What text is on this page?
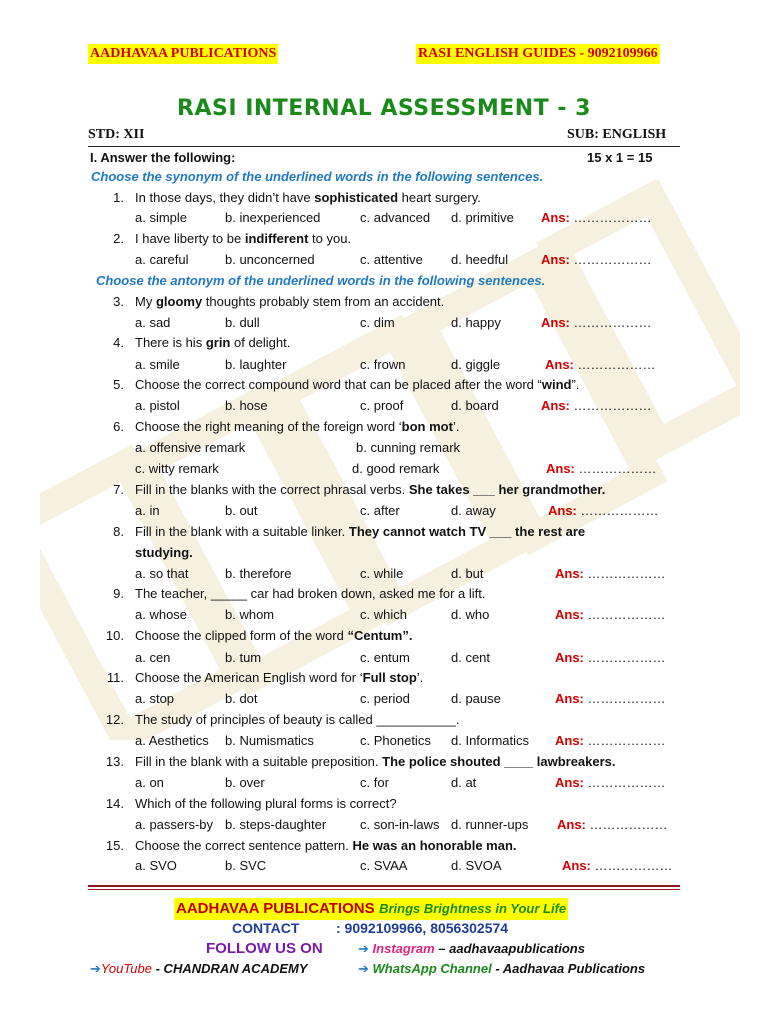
AADHAVAA PUBLICATIONS	RASI ENGLISH GUIDES - 9092109966
RASI INTERNAL ASSESSMENT - 3
STD: XII	SUB: ENGLISH
I. Answer the following:	15 x 1 = 15
Choose the synonym of the underlined words in the following sentences.
1. In those days, they didn’t have sophisticated heart surgery.
a. simple	b. inexperienced	c. advanced d. primitive Ans: ………………
2. I have liberty to be indifferent to you.
a. careful	b. unconcerned	c. attentive d. heedful	Ans: ………………
Choose the antonym of the underlined words in the following sentences.
3. My gloomy thoughts probably stem from an accident.
a. sad	b. dull	c. dim	d. happy	Ans: ………………
4. There is his grin of delight.
a. smile	b. laughter	c. frown	d. giggle	Ans: ………………
5. Choose the correct compound word that can be placed after the word “wind”.
a. pistol	b. hose	c. proof	d. board	Ans: ………………
6. Choose the right meaning of the foreign word ‘bon mot’.
a. offensive remark	b. cunning remark
c. witty remark	d. good remark	Ans: ………………
7. Fill in the blanks with the correct phrasal verbs. She takes ___ her grandmother.
a. in	b. out	c. after	d. away	Ans: ………………
8. Fill in the blank with a suitable linker. They cannot watch TV ___ the rest are
studying.
a. so that	b. therefore	c. while	d. but	Ans: ………………
9. The teacher, _____ car had broken down, asked me for a lift.
a. whose	b. whom	c. which	d. who	Ans: ………………
10. Choose the clipped form of the word “Centum”.
a. cen	b. tum	c. entum	d. cent	Ans: ………………
11. Choose the American English word for ‘Full stop’.
a. stop	b. dot	c. period	d. pause	Ans: ………………
12. The study of principles of beauty is called ___________.
a. Aesthetics b. Numismatics	c. Phonetics d. Informatics Ans: ………………
13. Fill in the blank with a suitable preposition. The police shouted ____ lawbreakers.
a. on	b. over	c. for	d. at	Ans: ………………
14. Which of the following plural forms is correct?
a. passers-by b. steps-daughter	c. son-in-laws d. runner-ups Ans: ………………
15. Choose the correct sentence pattern. He was an honorable man.
a. SVO	b. SVC	c. SVAA	d. SVOA	Ans: ………………
AADHAVAA PUBLICATIONS Brings Brightness in Your Life
CONTACT	: 9092109966, 8056302574
FOLLOW US ON	➔ Instagram – aadhavaapublications
➔YouTube - CHANDRAN ACADEMY	➔ WhatsApp Channel - Aadhavaa Publications
